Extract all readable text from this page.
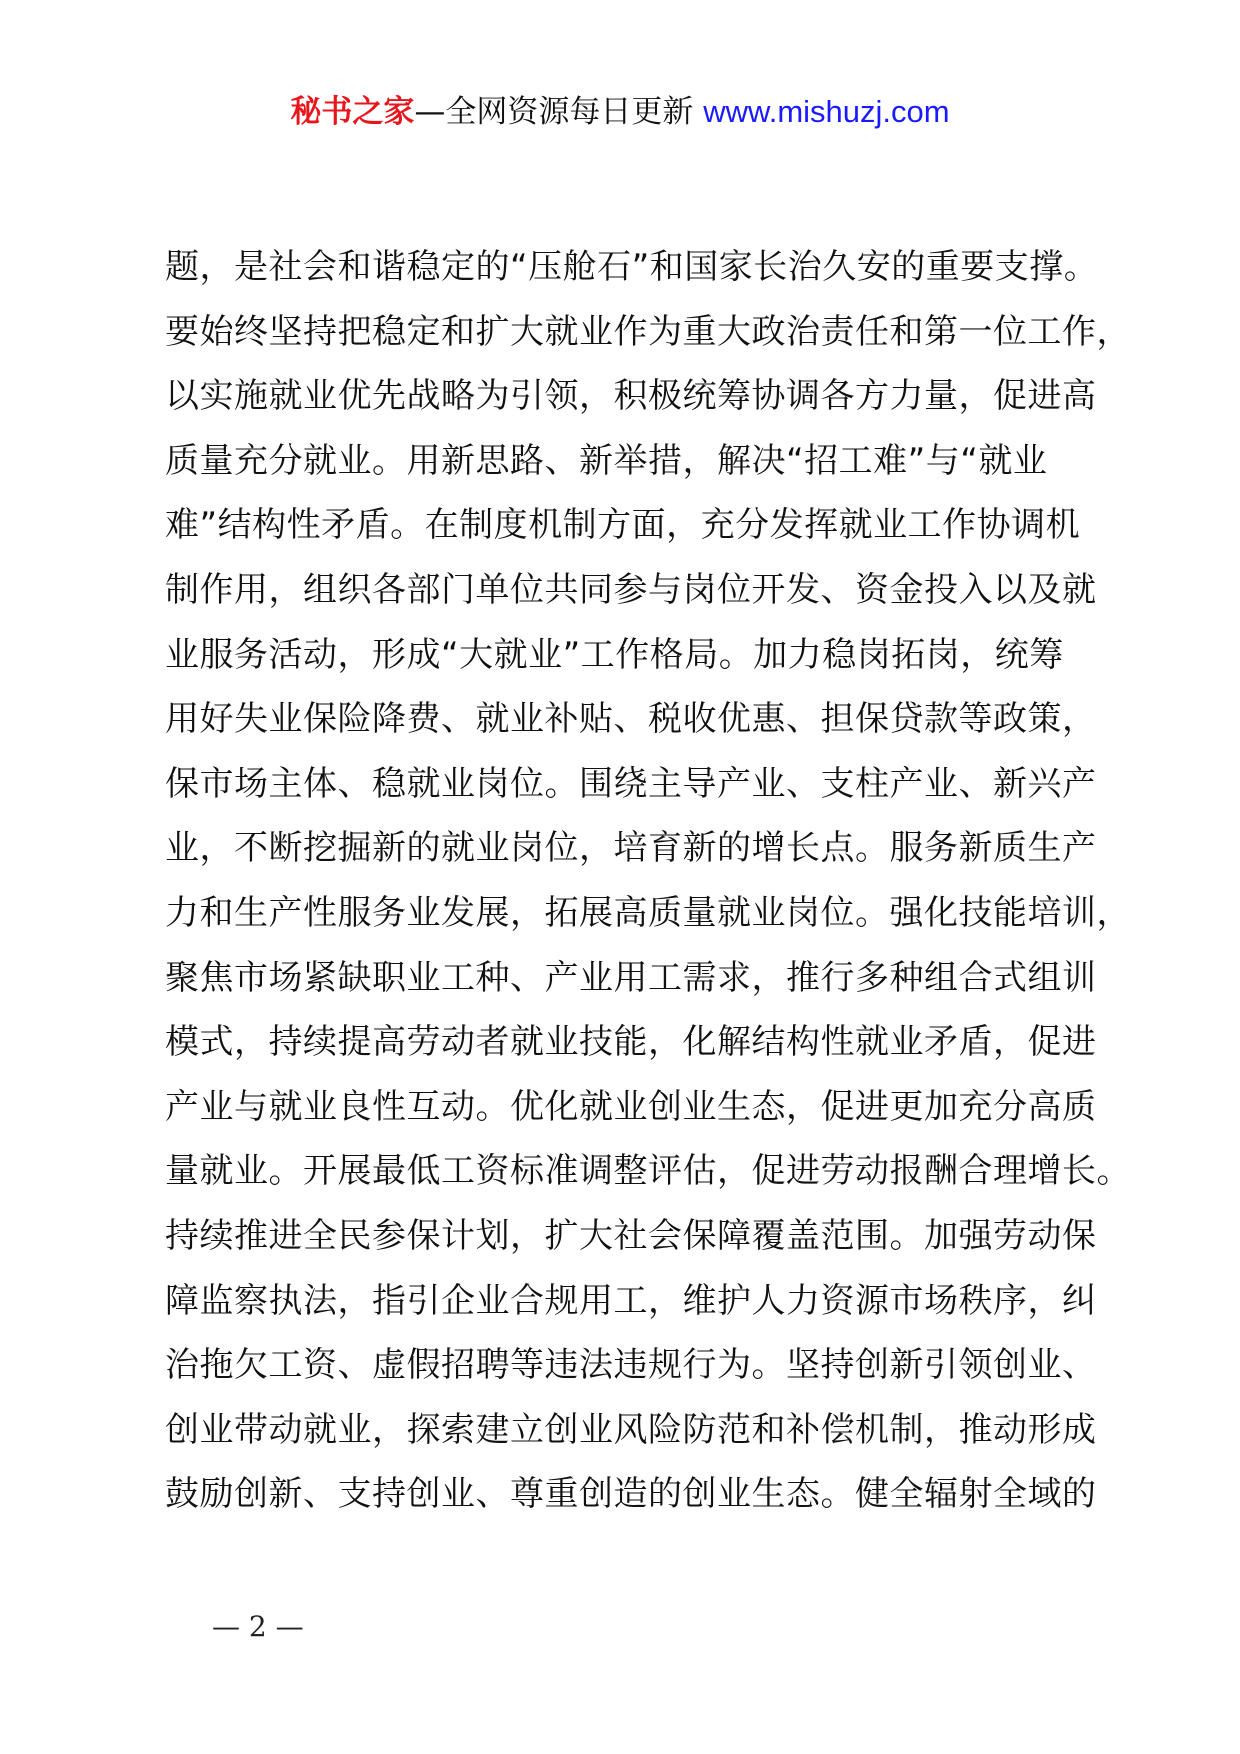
秘书之家—全网资源每日更新 www.mishuzj.com
题，是社会和谐稳定的“压舱石”和国家长治久安的重要支撑。
要始终坚持把稳定和扩大就业作为重大政治责任和第一位工作，
以实施就业优先战略为引领，积极统筹协调各方力量，促进高
质量充分就业。用新思路、新举措，解决“招工难”与“就业
难”结构性矛盾。在制度机制方面，充分发挥就业工作协调机
制作用，组织各部门单位共同参与岗位开发、资金投入以及就
业服务活动，形成“大就业”工作格局。加力稳岗拓岗，统筹
用好失业保险降费、就业补贴、税收优惠、担保贷款等政策，
保市场主体、稳就业岗位。围绕主导产业、支柱产业、新兴产
业，不断挖掘新的就业岗位，培育新的增长点。服务新质生产
力和生产性服务业发展，拓展高质量就业岗位。强化技能培训，
聚焦市场紧缺职业工种、产业用工需求，推行多种组合式组训
模式，持续提高劳动者就业技能，化解结构性就业矛盾，促进
产业与就业良性互动。优化就业创业生态，促进更加充分高质
量就业。开展最低工资标准调整评估，促进劳动报酬合理增长。
持续推进全民参保计划，扩大社会保障覆盖范围。加强劳动保
障监察执法，指引企业合规用工，维护人力资源市场秩序，纠
治拖欠工资、虚假招聘等违法违规行为。坚持创新引领创业、
创业带动就业，探索建立创业风险防范和补偿机制，推动形成
鼓励创新、支持创业、尊重创造的创业生态。健全辐射全域的
— 2 —
